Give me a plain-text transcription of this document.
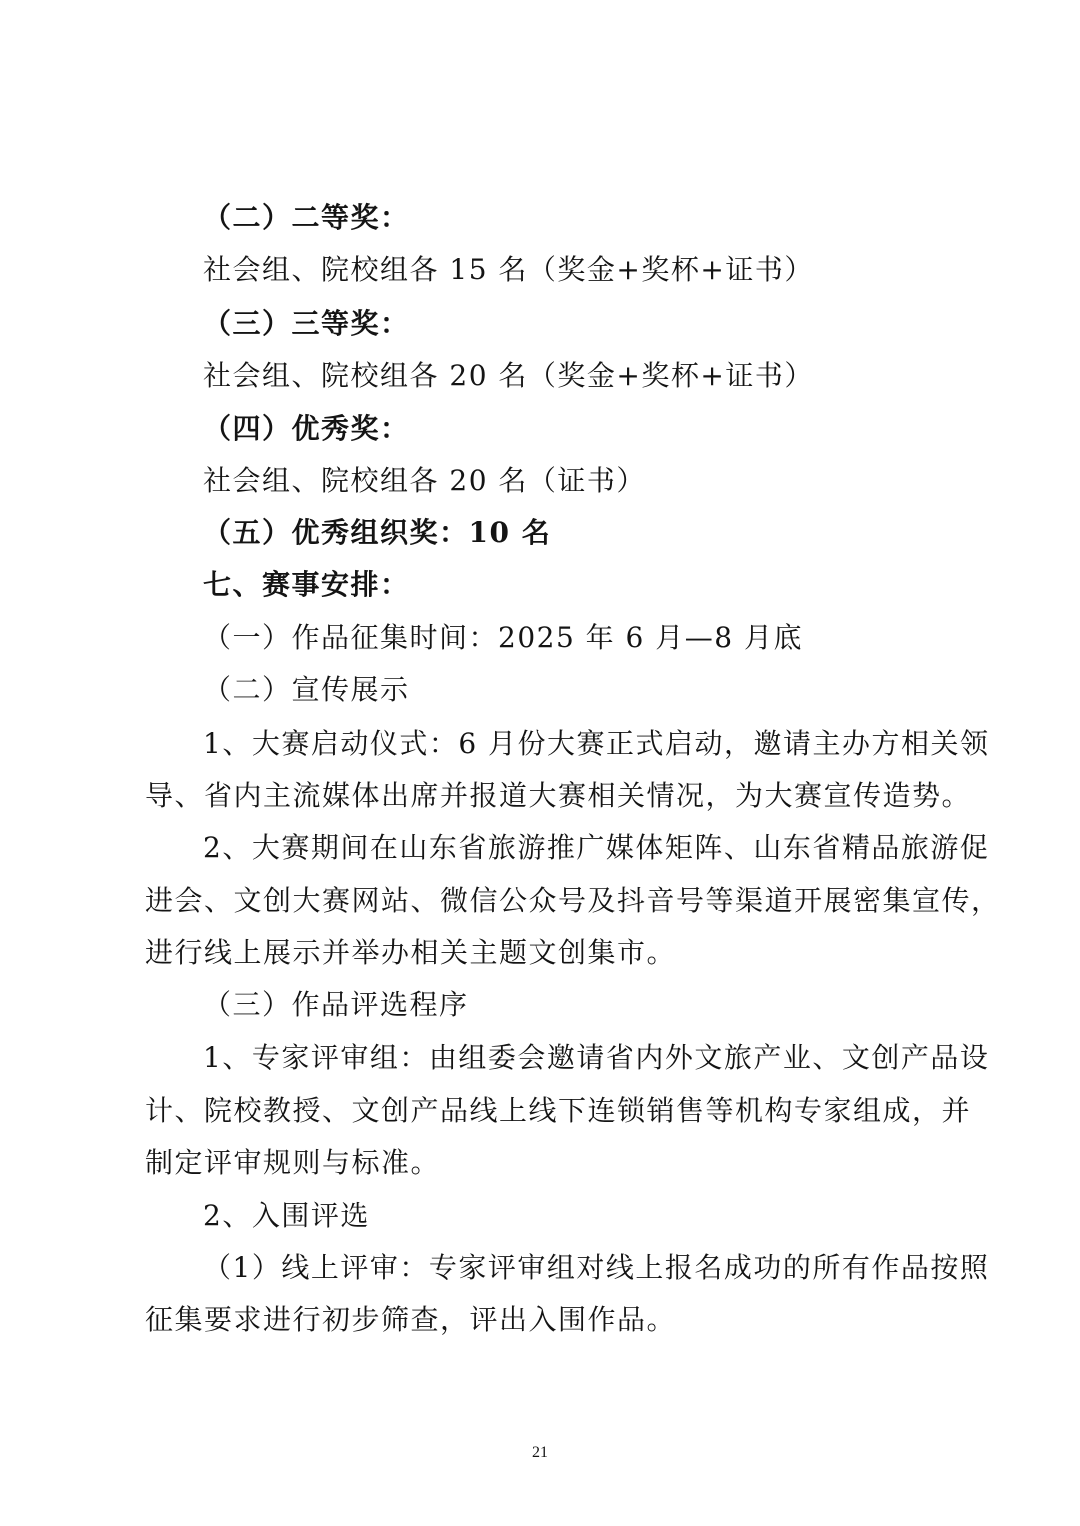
（二）二等奖：
社会组、院校组各 15 名（奖金+奖杯+证书）
（三）三等奖：
社会组、院校组各 20 名（奖金+奖杯+证书）
（四）优秀奖：
社会组、院校组各 20 名（证书）
（五）优秀组织奖：10 名
七、赛事安排：
（一）作品征集时间：2025 年 6 月—8 月底
（二）宣传展示
1、大赛启动仪式：6 月份大赛正式启动，邀请主办方相关领
导、省内主流媒体出席并报道大赛相关情况，为大赛宣传造势。
2、大赛期间在山东省旅游推广媒体矩阵、山东省精品旅游促
进会、文创大赛网站、微信公众号及抖音号等渠道开展密集宣传，
进行线上展示并举办相关主题文创集市。
（三）作品评选程序
1、专家评审组：由组委会邀请省内外文旅产业、文创产品设
计、院校教授、文创产品线上线下连锁销售等机构专家组成，并
制定评审规则与标准。
2、入围评选
（1）线上评审：专家评审组对线上报名成功的所有作品按照
征集要求进行初步筛查，评出入围作品。
21
